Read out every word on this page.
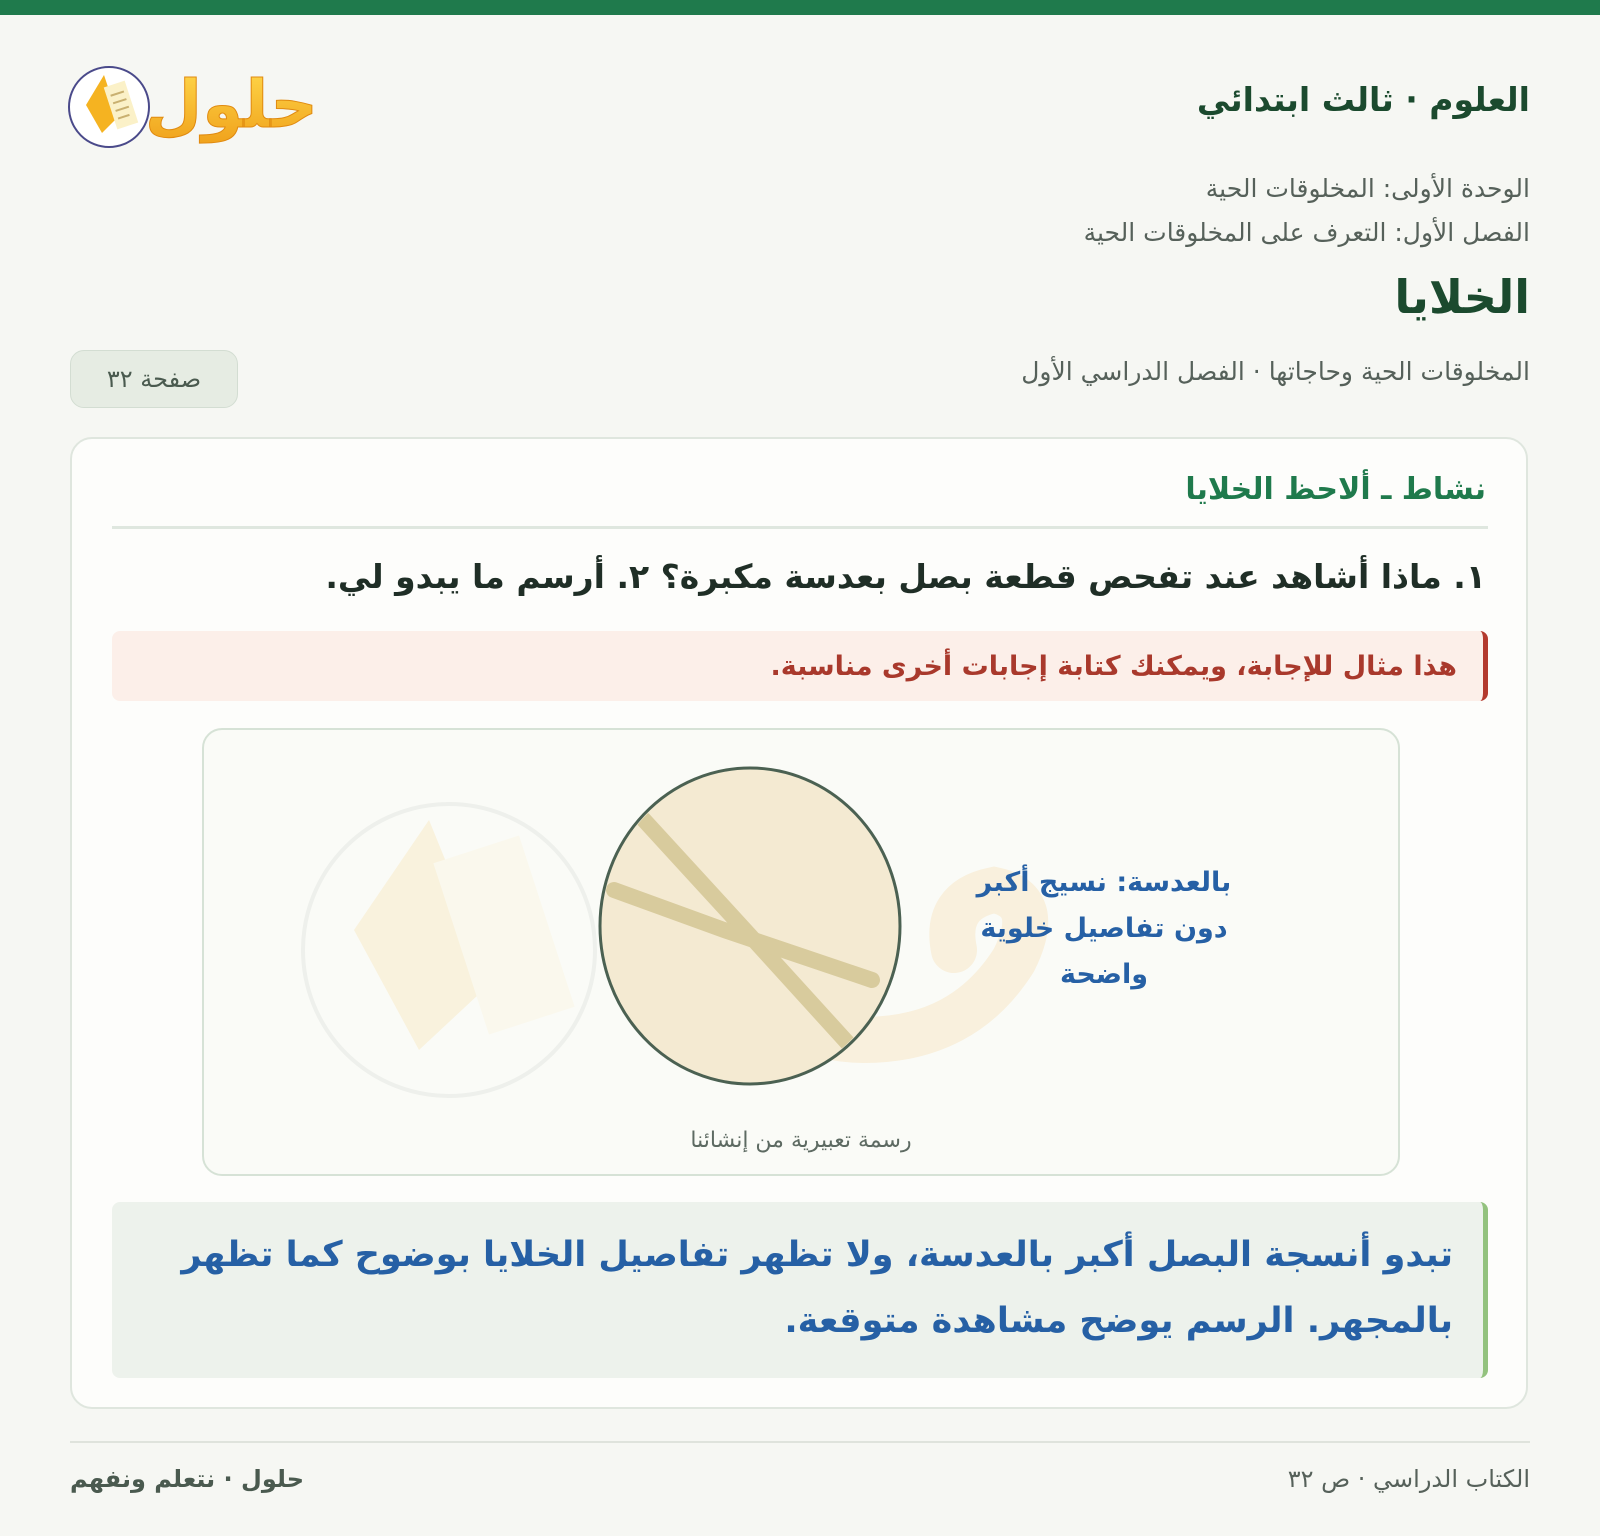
حلول	العلوم · ثالث ابتدائي
الوحدة الأولى: المخلوقات الحية
الفصل الأول: التعرف على المخلوقات الحية
الخلايا
المخلوقات الحية وحاجاتها · الفصل الدراسي الأول
صفحة ٣٢
نشاط ـ ألاحظ الخلايا
١. ماذا أشاهد عند تفحص قطعة بصل بعدسة مكبرة؟ ٢. أرسم ما يبدو لي.
هذا مثال للإجابة، ويمكنك كتابة إجابات أخرى مناسبة.
بالعدسة: نسيج أكبر
دون تفاصيل خلوية
واضحة
رسمة تعبيرية من إنشائنا
تبدو أنسجة البصل أكبر بالعدسة، ولا تظهر تفاصيل الخلايا بوضوح كما تظهر
بالمجهر. الرسم يوضح مشاهدة متوقعة.
الكتاب الدراسي · ص ٣٢
حلول · نتعلم ونفهم
